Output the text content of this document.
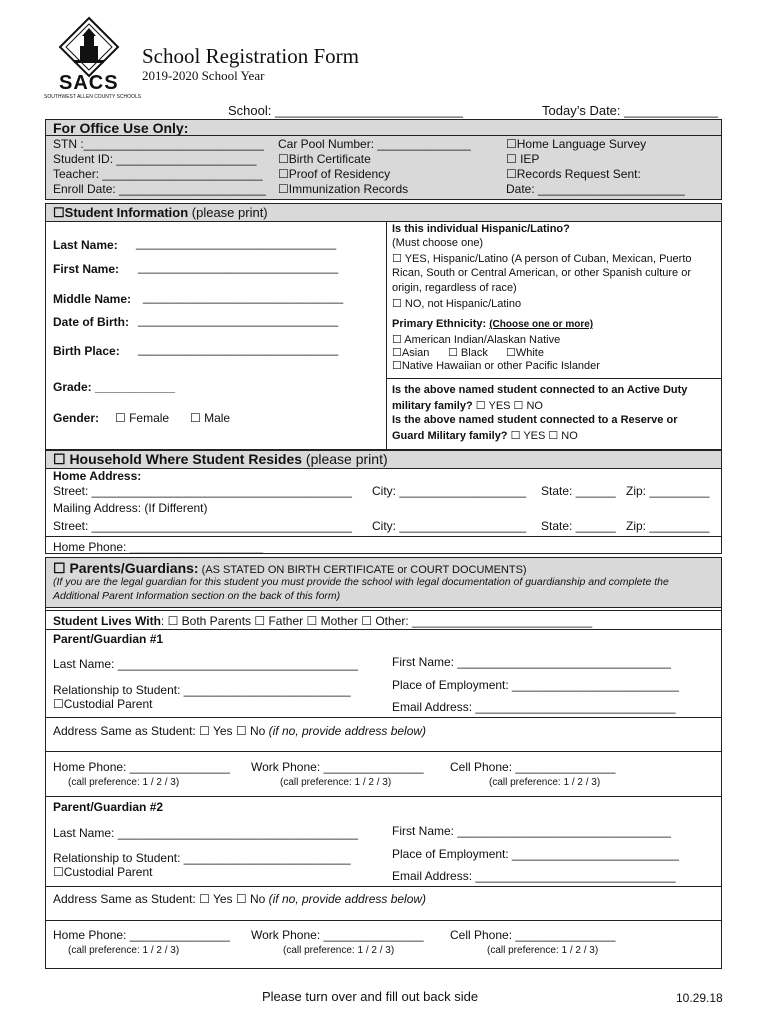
SACS
SOUTHWEST ALLEN COUNTY SCHOOLS
School Registration Form
2019-2020 School Year
School: __________________________	Today’s Date: _____________
For Office Use Only:
STN :___________________________
Student ID: _____________________
Teacher: ________________________
Enroll Date: ______________________
Car Pool Number: ______________
☐Birth Certificate
☐Proof of Residency
☐Immunization Records
☐Home Language Survey
☐ IEP
☐Records Request Sent:
Date: ______________________
☐Student Information (please print)
Last Name: ______________________________
First Name: ______________________________
Middle Name: ______________________________
Date of Birth: ______________________________
Birth Place: ______________________________
Grade: ____________
Gender: ☐ Female ☐ Male
Is this individual Hispanic/Latino?
(Must choose one)
☐ YES, Hispanic/Latino (A person of Cuban, Mexican, Puerto
Rican, South or Central American, or other Spanish culture or
origin, regardless of race)
☐ NO, not Hispanic/Latino
Primary Ethnicity: (Choose one or more)
☐ American Indian/Alaskan Native
☐Asian ☐ Black ☐White
☐Native Hawaiian or other Pacific Islander
Is the above named student connected to an Active Duty
military family? ☐ YES ☐ NO
Is the above named student connected to a Reserve or
Guard Military family? ☐ YES ☐ NO
☐ Household Where Student Resides (please print)
Home Address:
Street: _______________________________________ City: ___________________ State: ______ Zip: _________
Mailing Address: (If Different)
Street: _______________________________________ City: ___________________ State: ______ Zip: _________
Home Phone: ____________________
☐ Parents/Guardians: (AS STATED ON BIRTH CERTIFICATE or COURT DOCUMENTS)
(If you are the legal guardian for this student you must provide the school with legal documentation of guardianship and complete the
Additional Parent Information section on the back of this form)
Student Lives With: ☐ Both Parents ☐ Father ☐ Mother ☐ Other: ___________________________
Parent/Guardian #1
Last Name: ____________________________________	First Name: ________________________________
Relationship to Student: _________________________	Place of Employment: _________________________
☐Custodial Parent	Email Address: ______________________________
Address Same as Student: ☐ Yes ☐ No (if no, provide address below)
Home Phone: _______________ Work Phone: _______________ Cell Phone: _______________
(call preference: 1 / 2 / 3)	(call preference: 1 / 2 / 3)	(call preference: 1 / 2 / 3)
Parent/Guardian #2
Last Name: ____________________________________	First Name: ________________________________
Relationship to Student: _________________________	Place of Employment: _________________________
☐Custodial Parent	Email Address: ______________________________
Address Same as Student: ☐ Yes ☐ No (if no, provide address below)
Home Phone: _______________ Work Phone: _______________ Cell Phone: _______________
(call preference: 1 / 2 / 3)	(call preference: 1 / 2 / 3)	(call preference: 1 / 2 / 3)
Please turn over and fill out back side	10.29.18
